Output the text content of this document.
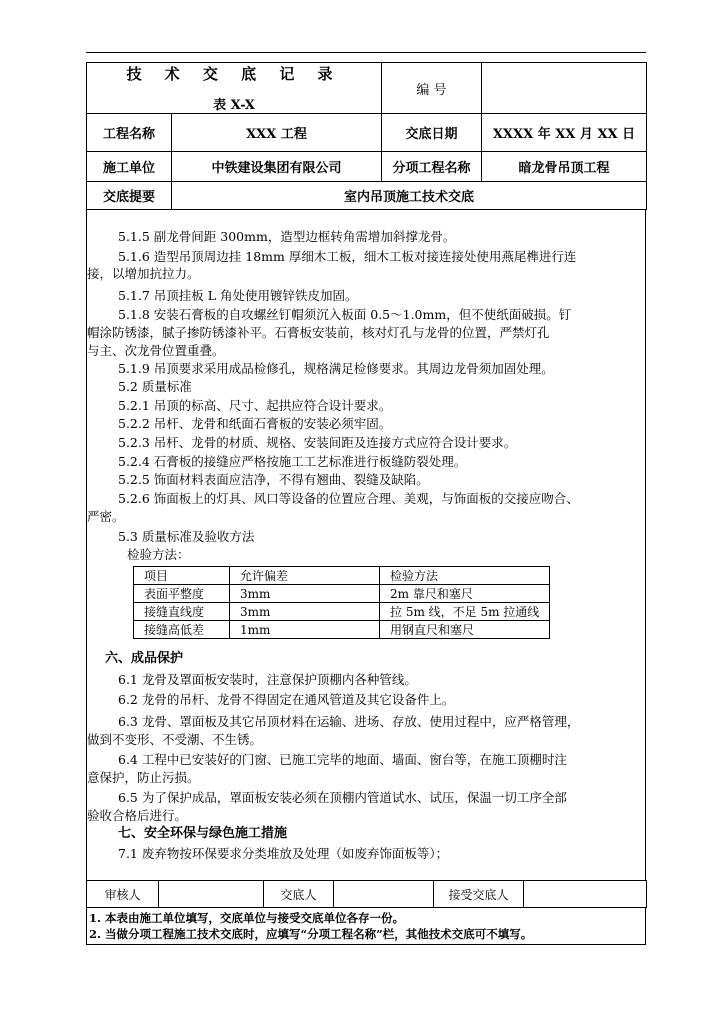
技 术 交 底 记 录
表 X-X		编 号	
工程名称	XXX 工程	交底日期	XXXX 年 XX 月 XX 日
施工单位	中铁建设集团有限公司	分项工程名称	暗龙骨吊顶工程
交底提要	室内吊顶施工技术交底		
5.1.5 副龙骨间距 300mm，造型边框转角需增加斜撑龙骨。
5.1.6 造型吊顶周边挂 18mm 厚细木工板，细木工板对接连接处使用燕尾榫进行连
接，以增加抗拉力。
5.1.7 吊顶挂板 L 角处使用镀锌铁皮加固。
5.1.8 安装石膏板的自攻螺丝钉帽须沉入板面 0.5～1.0mm，但不使纸面破损。钉
帽涂防锈漆，腻子掺防锈漆补平。石膏板安装前，核对灯孔与龙骨的位置，严禁灯孔
与主、次龙骨位置重叠。
5.1.9 吊顶要求采用成品检修孔，规格满足检修要求。其周边龙骨须加固处理。
5.2 质量标准
5.2.1 吊顶的标高、尺寸、起拱应符合设计要求。
5.2.2 吊杆、龙骨和纸面石膏板的安装必须牢固。
5.2.3 吊杆、龙骨的材质、规格、安装间距及连接方式应符合设计要求。
5.2.4 石膏板的接缝应严格按施工工艺标准进行板缝防裂处理。
5.2.5 饰面材料表面应洁净，不得有翘曲、裂缝及缺陷。
5.2.6 饰面板上的灯具、风口等设备的位置应合理、美观，与饰面板的交接应吻合、
严密。
5.3 质量标准及验收方法
检验方法：
项目	允许偏差	检验方法
表面平整度	3mm	2m 靠尺和塞尺
接缝直线度	3mm	拉 5m 线，不足 5m 拉通线
接缝高低差	1mm	用钢直尺和塞尺
六、成品保护
6.1 龙骨及罩面板安装时，注意保护顶棚内各种管线。
6.2 龙骨的吊杆、龙骨不得固定在通风管道及其它设备件上。
6.3 龙骨、罩面板及其它吊顶材料在运输、进场、存放、使用过程中，应严格管理，
做到不变形、不受潮、不生锈。
6.4 工程中已安装好的门窗、已施工完毕的地面、墙面、窗台等，在施工顶棚时注
意保护，防止污损。
6.5 为了保护成品，罩面板安装必须在顶棚内管道试水、试压，保温一切工序全部
验收合格后进行。
七、安全环保与绿色施工措施
7.1 废弃物按环保要求分类堆放及处理（如废弃饰面板等）；
审核人		交底人		接受交底人	
1. 本表由施工单位填写，交底单位与接受交底单位各存一份。
2. 当做分项工程施工技术交底时，应填写“分项工程名称”栏，其他技术交底可不填写。
